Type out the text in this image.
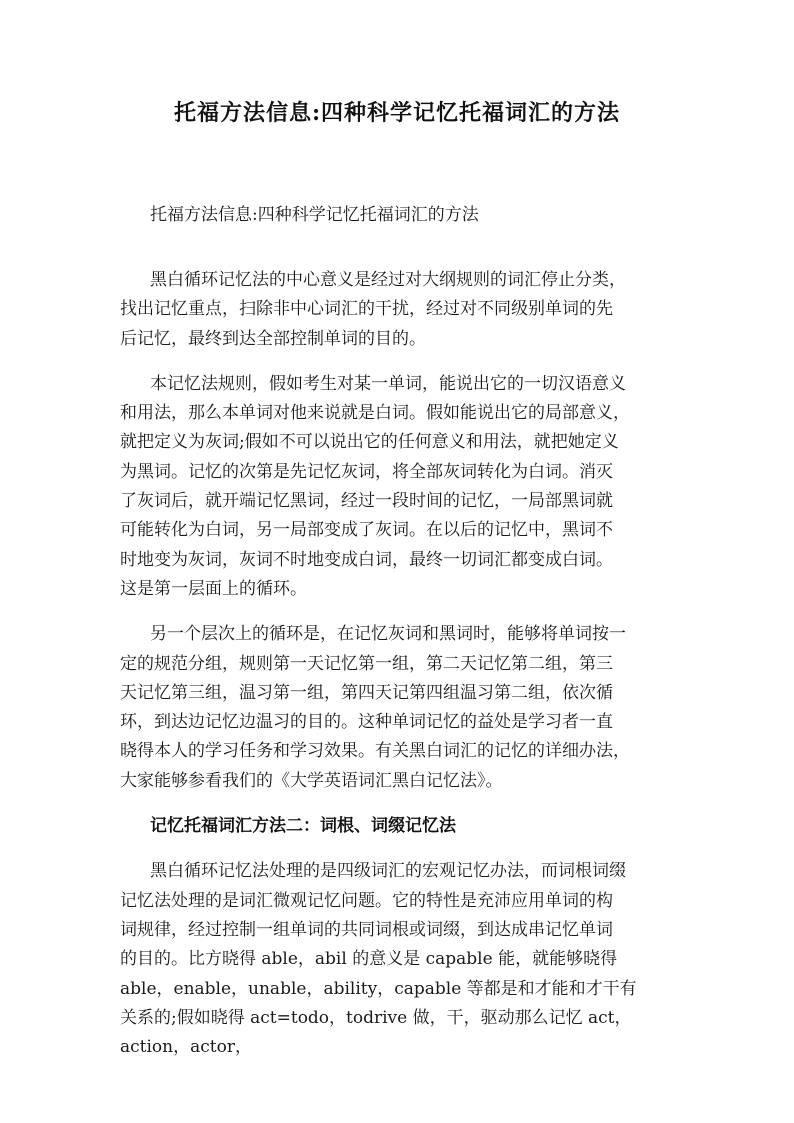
托福方法信息:四种科学记忆托福词汇的方法
托福方法信息:四种科学记忆托福词汇的方法

黑白循环记忆法的中心意义是经过对大纲规则的词汇停止分类，
找出记忆重点，扫除非中心词汇的干扰，经过对不同级别单词的先
后记忆，最终到达全部控制单词的目的。

本记忆法规则，假如考生对某一单词，能说出它的一切汉语意义
和用法，那么本单词对他来说就是白词。假如能说出它的局部意义，
就把定义为灰词;假如不可以说出它的任何意义和用法，就把她定义
为黑词。记忆的次第是先记忆灰词，将全部灰词转化为白词。消灭
了灰词后，就开端记忆黑词，经过一段时间的记忆，一局部黑词就
可能转化为白词，另一局部变成了灰词。在以后的记忆中，黑词不
时地变为灰词，灰词不时地变成白词，最终一切词汇都变成白词。
这是第一层面上的循环。

另一个层次上的循环是，在记忆灰词和黑词时，能够将单词按一
定的规范分组，规则第一天记忆第一组，第二天记忆第二组，第三
天记忆第三组，温习第一组，第四天记第四组温习第二组，依次循
环，到达边记忆边温习的目的。这种单词记忆的益处是学习者一直
晓得本人的学习任务和学习效果。有关黑白词汇的记忆的详细办法，
大家能够参看我们的《大学英语词汇黑白记忆法》。

记忆托福词汇方法二：词根、词缀记忆法

黑白循环记忆法处理的是四级词汇的宏观记忆办法，而词根词缀
记忆法处理的是词汇微观记忆问题。它的特性是充沛应用单词的构
词规律，经过控制一组单词的共同词根或词缀，到达成串记忆单词
的目的。比方晓得 able，abil 的意义是 capable 能，就能够晓得
able，enable，unable，ability，capable 等都是和才能和才干有
关系的;假如晓得 act=todo，todrive 做，干，驱动那么记忆 act，
action，actor，
